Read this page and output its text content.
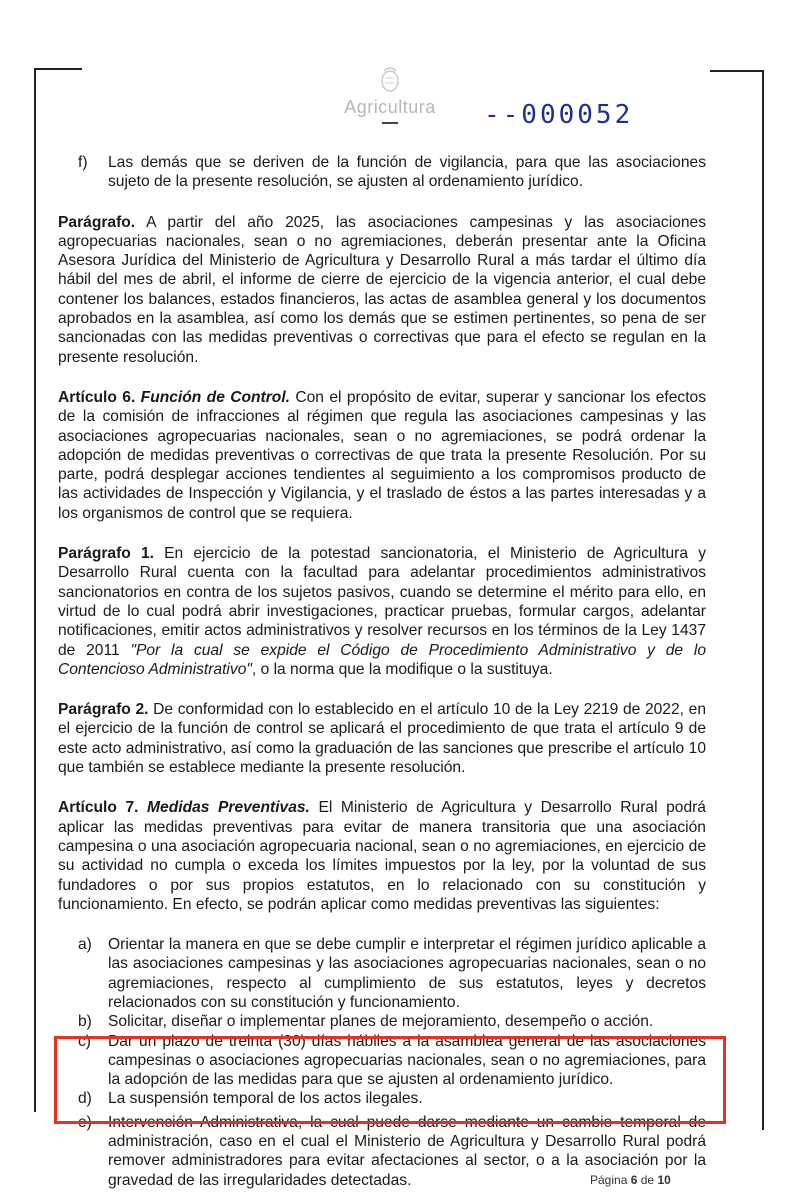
Agricultura	--000052
f)	Las demás que se deriven de la función de vigilancia, para que las asociaciones sujeto de la presente resolución, se ajusten al ordenamiento jurídico.

Parágrafo. A partir del año 2025, las asociaciones campesinas y las asociaciones agropecuarias nacionales, sean o no agremiaciones, deberán presentar ante la Oficina Asesora Jurídica del Ministerio de Agricultura y Desarrollo Rural a más tardar el último día hábil del mes de abril, el informe de cierre de ejercicio de la vigencia anterior, el cual debe contener los balances, estados financieros, las actas de asamblea general y los documentos aprobados en la asamblea, así como los demás que se estimen pertinentes, so pena de ser sancionadas con las medidas preventivas o correctivas que para el efecto se regulan en la presente resolución.

Artículo 6. Función de Control. Con el propósito de evitar, superar y sancionar los efectos de la comisión de infracciones al régimen que regula las asociaciones campesinas y las asociaciones agropecuarias nacionales, sean o no agremiaciones, se podrá ordenar la adopción de medidas preventivas o correctivas de que trata la presente Resolución. Por su parte, podrá desplegar acciones tendientes al seguimiento a los compromisos producto de las actividades de Inspección y Vigilancia, y el traslado de éstos a las partes interesadas y a los organismos de control que se requiera.

Parágrafo 1. En ejercicio de la potestad sancionatoria, el Ministerio de Agricultura y Desarrollo Rural cuenta con la facultad para adelantar procedimientos administrativos sancionatorios en contra de los sujetos pasivos, cuando se determine el mérito para ello, en virtud de lo cual podrá abrir investigaciones, practicar pruebas, formular cargos, adelantar notificaciones, emitir actos administrativos y resolver recursos en los términos de la Ley 1437 de 2011 "Por la cual se expide el Código de Procedimiento Administrativo y de lo Contencioso Administrativo", o la norma que la modifique o la sustituya.

Parágrafo 2. De conformidad con lo establecido en el artículo 10 de la Ley 2219 de 2022, en el ejercicio de la función de control se aplicará el procedimiento de que trata el artículo 9 de este acto administrativo, así como la graduación de las sanciones que prescribe el artículo 10 que también se establece mediante la presente resolución.

Artículo 7. Medidas Preventivas. El Ministerio de Agricultura y Desarrollo Rural podrá aplicar las medidas preventivas para evitar de manera transitoria que una asociación campesina o una asociación agropecuaria nacional, sean o no agremiaciones, en ejercicio de su actividad no cumpla o exceda los límites impuestos por la ley, por la voluntad de sus fundadores o por sus propios estatutos, en lo relacionado con su constitución y funcionamiento. En efecto, se podrán aplicar como medidas preventivas las siguientes:

a)	Orientar la manera en que se debe cumplir e interpretar el régimen jurídico aplicable a las asociaciones campesinas y las asociaciones agropecuarias nacionales, sean o no agremiaciones, respecto al cumplimiento de sus estatutos, leyes y decretos relacionados con su constitución y funcionamiento.
b)	Solicitar, diseñar o implementar planes de mejoramiento, desempeño o acción.
c)	Dar un plazo de treinta (30) días hábiles a la asamblea general de las asociaciones campesinas o asociaciones agropecuarias nacionales, sean o no agremiaciones, para la adopción de las medidas para que se ajusten al ordenamiento jurídico.
d)	La suspensión temporal de los actos ilegales.
e)	Intervención Administrativa, la cual puede darse mediante un cambio temporal de administración, caso en el cual el Ministerio de Agricultura y Desarrollo Rural podrá remover administradores para evitar afectaciones al sector, o a la asociación por la gravedad de las irregularidades detectadas.	Página 6 de 10
